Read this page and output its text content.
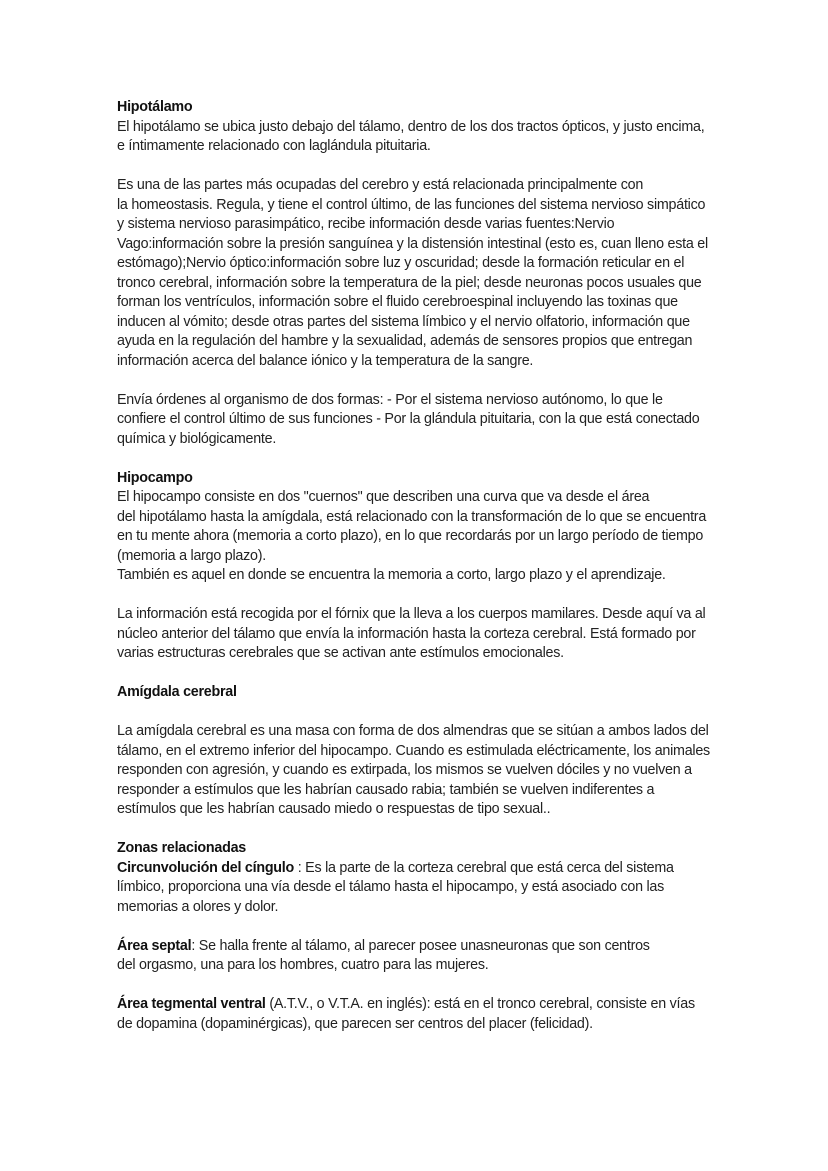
Hipotálamo
El hipotálamo se ubica justo debajo del tálamo, dentro de los dos tractos ópticos, y justo encima,
e íntimamente relacionado con laglándula pituitaria.
Es una de las partes más ocupadas del cerebro y está relacionada principalmente con
la homeostasis. Regula, y tiene el control último, de las funciones del sistema nervioso simpático
y sistema nervioso parasimpático, recibe información desde varias fuentes:Nervio
Vago:información sobre la presión sanguínea y la distensión intestinal (esto es, cuan lleno esta el
estómago);Nervio óptico:información sobre luz y oscuridad; desde la formación reticular en el
tronco cerebral, información sobre la temperatura de la piel; desde neuronas pocos usuales que
forman los ventrículos, información sobre el fluido cerebroespinal incluyendo las toxinas que
inducen al vómito; desde otras partes del sistema límbico y el nervio olfatorio, información que
ayuda en la regulación del hambre y la sexualidad, además de sensores propios que entregan
información acerca del balance iónico y la temperatura de la sangre.
Envía órdenes al organismo de dos formas: - Por el sistema nervioso autónomo, lo que le
confiere el control último de sus funciones - Por la glándula pituitaria, con la que está conectado
química y biológicamente.
Hipocampo
El hipocampo consiste en dos "cuernos" que describen una curva que va desde el área
del hipotálamo hasta la amígdala, está relacionado con la transformación de lo que se encuentra
en tu mente ahora (memoria a corto plazo), en lo que recordarás por un largo período de tiempo
(memoria a largo plazo).
También es aquel en donde se encuentra la memoria a corto, largo plazo y el aprendizaje.
La información está recogida por el fórnix que la lleva a los cuerpos mamilares. Desde aquí va al
núcleo anterior del tálamo que envía la información hasta la corteza cerebral. Está formado por
varias estructuras cerebrales que se activan ante estímulos emocionales.
Amígdala cerebral
La amígdala cerebral es una masa con forma de dos almendras que se sitúan a ambos lados del
tálamo, en el extremo inferior del hipocampo. Cuando es estimulada eléctricamente, los animales
responden con agresión, y cuando es extirpada, los mismos se vuelven dóciles y no vuelven a
responder a estímulos que les habrían causado rabia; también se vuelven indiferentes a
estímulos que les habrían causado miedo o respuestas de tipo sexual..
Zonas relacionadas
Circunvolución del cíngulo : Es la parte de la corteza cerebral que está cerca del sistema
límbico, proporciona una vía desde el tálamo hasta el hipocampo, y está asociado con las
memorias a olores y dolor.
Área septal: Se halla frente al tálamo, al parecer posee unasneuronas que son centros
del orgasmo, una para los hombres, cuatro para las mujeres.
Área tegmental ventral (A.T.V., o V.T.A. en inglés): está en el tronco cerebral, consiste en vías
de dopamina (dopaminérgicas), que parecen ser centros del placer (felicidad).
